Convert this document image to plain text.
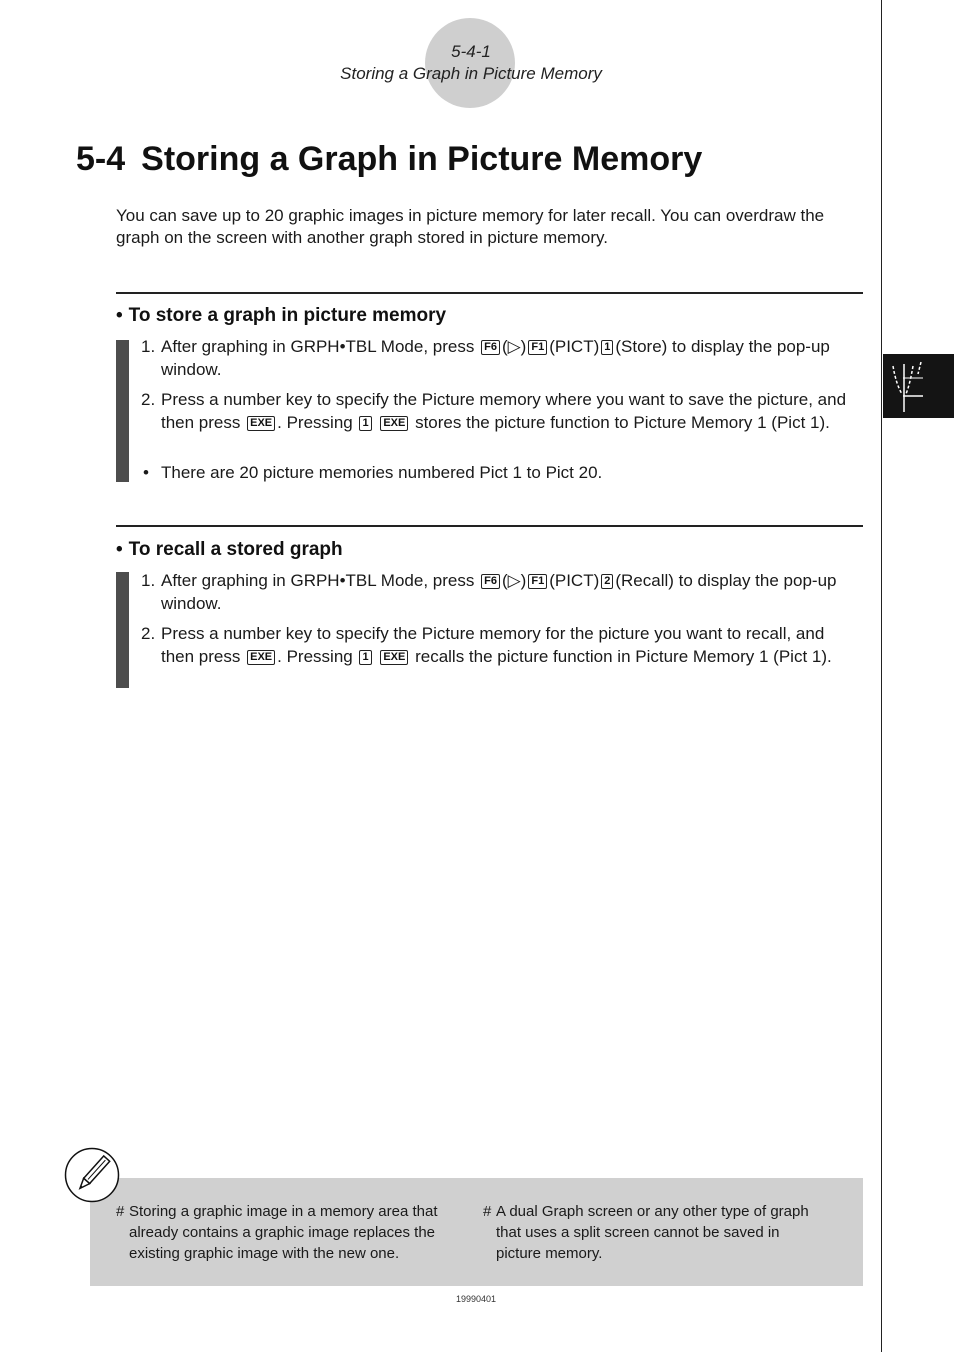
5-4-1
Storing a Graph in Picture Memory
5-4 Storing a Graph in Picture Memory

You can save up to 20 graphic images in picture memory for later recall. You can overdraw the graph on the screen with another graph stored in picture memory.

• To store a graph in picture memory
1. After graphing in GRPH•TBL Mode, press F6 (▷) F1 (PICT) 1 (Store) to display the pop-up window.
2. Press a number key to specify the Picture memory where you want to save the picture, and then press EXE . Pressing 1 EXE stores the picture function to Picture Memory 1 (Pict 1).
• There are 20 picture memories numbered Pict 1 to Pict 20.
• To recall a stored graph
1. After graphing in GRPH•TBL Mode, press F6 (▷) F1 (PICT) 2 (Recall) to display the pop-up window.
2. Press a number key to specify the Picture memory for the picture you want to recall, and then press EXE . Pressing 1 EXE recalls the picture function in Picture Memory 1 (Pict 1).
# Storing a graphic image in a memory area that already contains a graphic image replaces the existing graphic image with the new one.
# A dual Graph screen or any other type of graph that uses a split screen cannot be saved in picture memory.
19990401
